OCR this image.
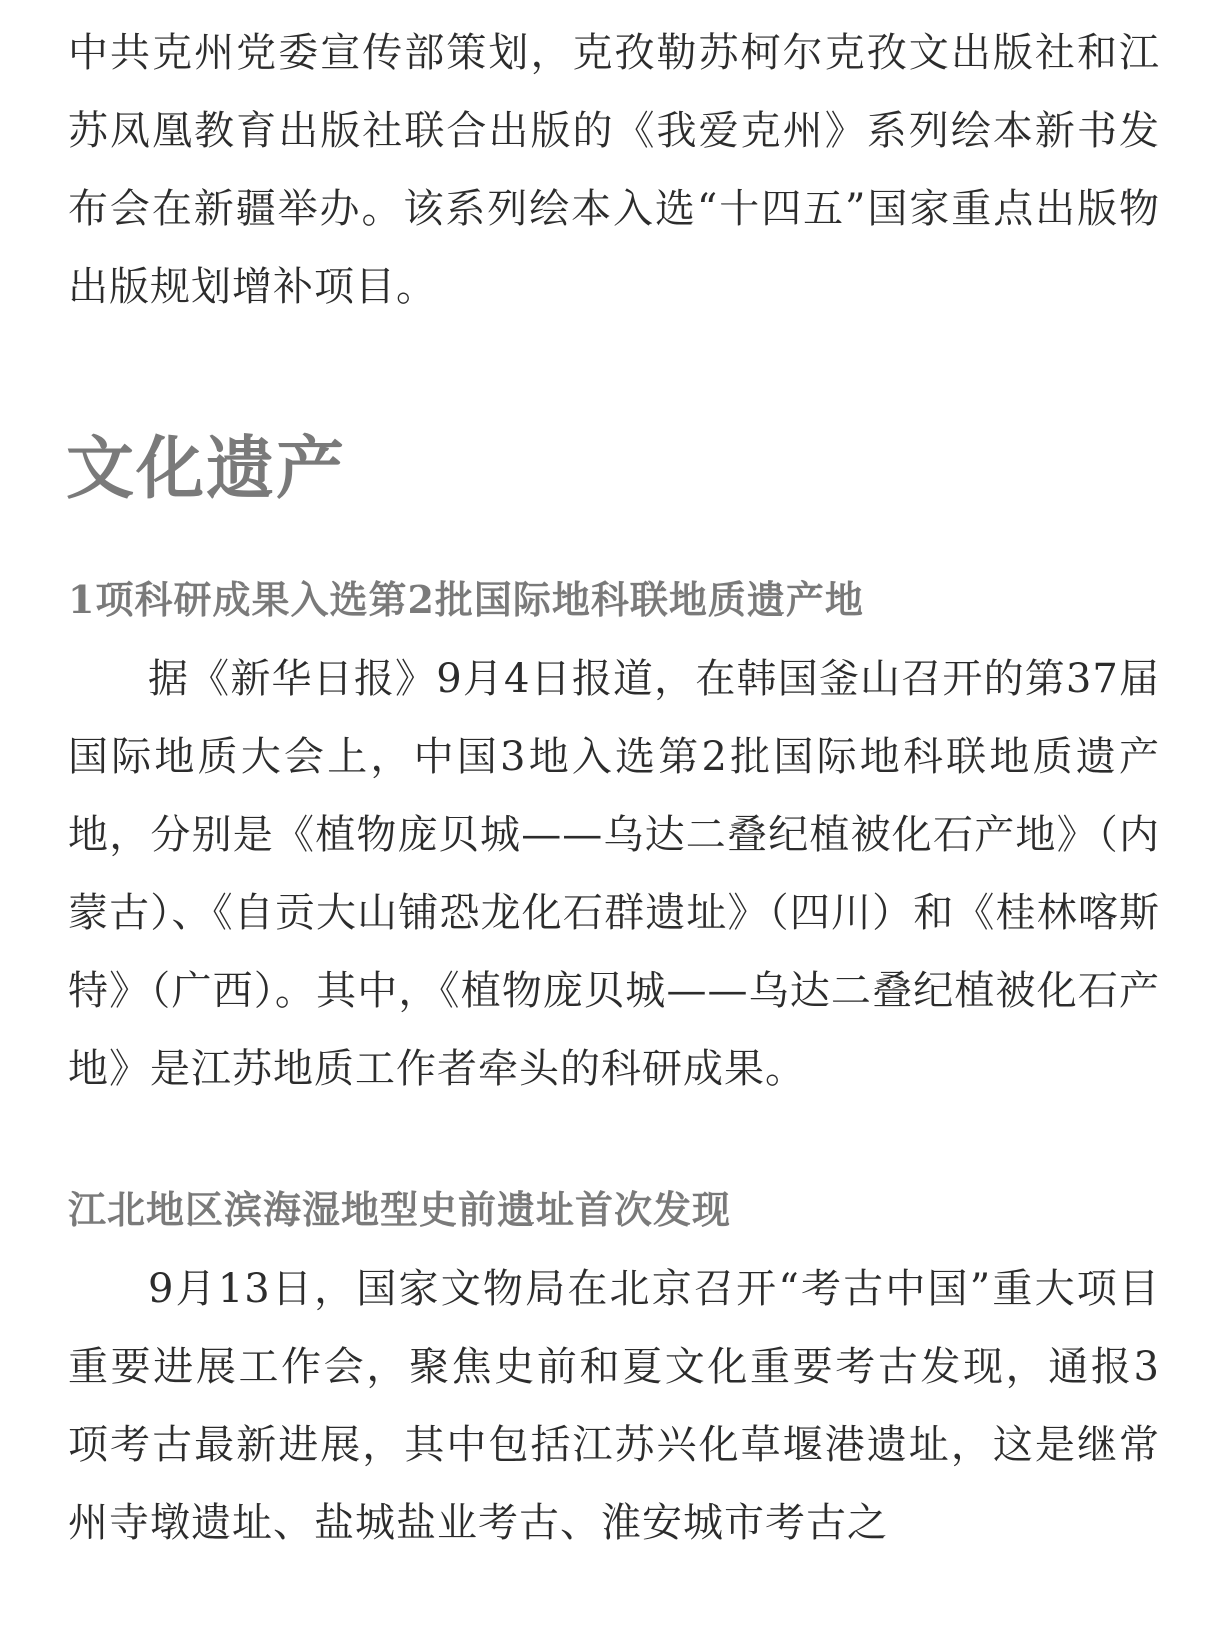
中共克州党委宣传部策划，克孜勒苏柯尔克孜文出版社和江苏凤凰教育出版社联合出版的《我爱克州》系列绘本新书发布会在新疆举办。该系列绘本入选“十四五”国家重点出版物出版规划增补项目。

文化遗产
1项科研成果入选第2批国际地科联地质遗产地

据《新华日报》9月4日报道，在韩国釜山召开的第37届国际地质大会上，中国3地入选第2批国际地科联地质遗产地，分别是《植物庞贝城——乌达二叠纪植被化石产地》（内蒙古）、《自贡大山铺恐龙化石群遗址》（四川）和《桂林喀斯特》（广西）。其中，《植物庞贝城——乌达二叠纪植被化石产地》是江苏地质工作者牵头的科研成果。

江北地区滨海湿地型史前遗址首次发现

9月13日，国家文物局在北京召开“考古中国”重大项目重要进展工作会，聚焦史前和夏文化重要考古发现，通报3项考古最新进展，其中包括江苏兴化草堰港遗址，这是继常州寺墩遗址、盐城盐业考古、淮安城市考古之
